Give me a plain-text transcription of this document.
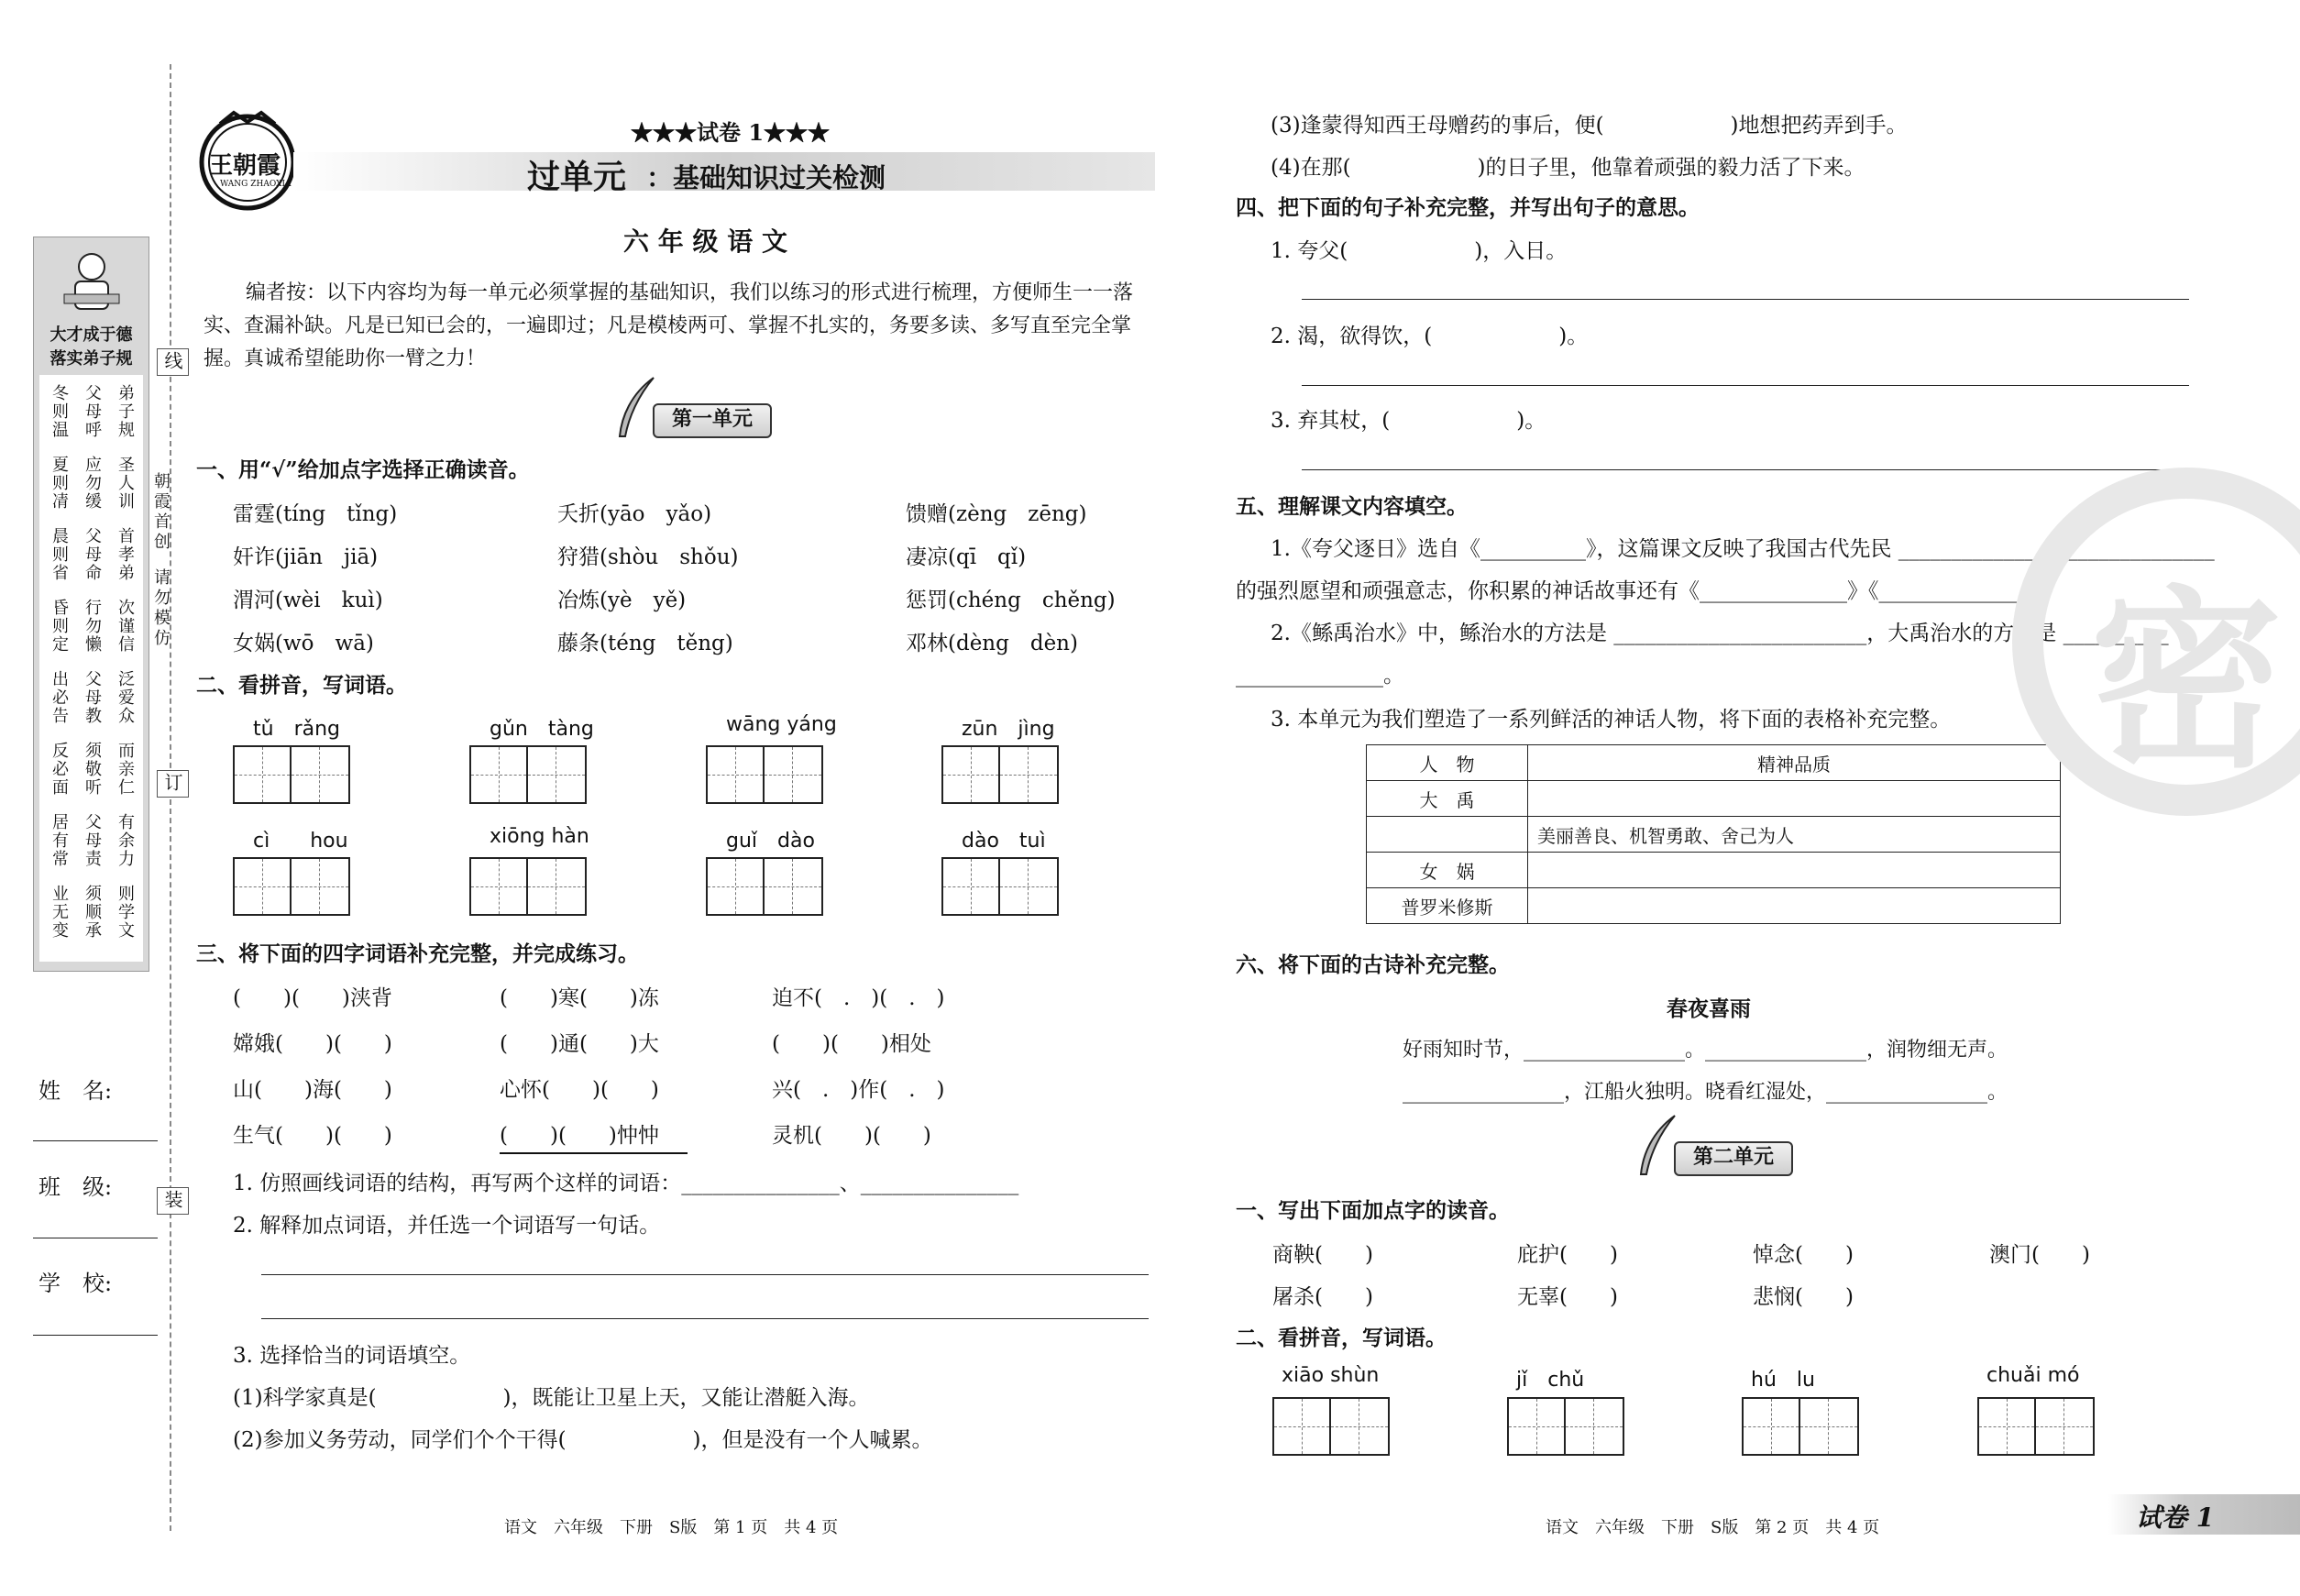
线
订
装
朝霞首创
请勿模仿
大才成于德
落实弟子规
冬则温 父母呼 弟子规
夏则凊 应勿缓 圣人训
晨则省 父母命 首孝弟
昏则定 行勿懒 次谨信
出必告 父母教 泛爱众
反必面 须敬听 而亲仁
居有常 父母责 有余力
业无变 须顺承 则学文
姓　名:
班　级:
学　校:
王朝霞
WANG ZHAOXIA
★★★试卷 1★★★
过单元 ：基础知识过关检测
六 年 级 语 文
编者按：以下内容均为每一单元必须掌握的基础知识，我们以练习的形式进行梳理，方便师生一一落实、查漏补缺。凡是已知已会的，一遍即过；凡是模棱两可、掌握不扎实的，务要多读、多写直至完全掌握。真诚希望能助你一臂之力！
第一单元
一、用“√”给加点字选择正确读音。
二、看拼音，写词语。
三、将下面的四字词语补充完整，并完成练习。
1. 仿照画线词语的结构，再写两个这样的词语：_______________、_______________
2. 解释加点词语，并任选一个词语写一句话。
3. 选择恰当的词语填空。
(1)科学家真是(　　　　　　)，既能让卫星上天，又能让潜艇入海。
(2)参加义务劳动，同学们个个干得(　　　　　　)，但是没有一个人喊累。
语文　六年级　下册　S版　第 1 页　共 4 页
(3)逢蒙得知西王母赠药的事后，便(　　　　　　)地想把药弄到手。
(4)在那(　　　　　　)的日子里，他靠着顽强的毅力活了下来。
四、把下面的句子补充完整，并写出句子的意思。
1. 夸父(　　　　　　)，入日。
2. 渴，欲得饮，(　　　　　　)。
3. 弃其杖，(　　　　　　)。
五、理解课文内容填空。
1.《夸父逐日》选自《__________》，这篇课文反映了我国古代先民 ______________、______________
的强烈愿望和顽强意志，你积累的神话故事还有《______________》《______________》。
2.《鲧禹治水》中，鲧治水的方法是 ________________________，大禹治水的方法是 __________
______________。
3. 本单元为我们塑造了一系列鲜活的神话人物，将下面的表格补充完整。
人　物	精神品质
大　禹	
	美丽善良、机智勇敢、舍己为人
女　娲	
普罗米修斯	
六、将下面的古诗补充完整。
春夜喜雨
好雨知时节，________________。________________，润物细无声。
________________，江船火独明。晓看红湿处，________________。
第二单元
一、写出下面加点字的读音。
二、看拼音，写词语。
语文　六年级　下册　S版　第 2 页　共 4 页	试卷 1
密
雷霆(tíng　tǐng)	夭折(yāo　yǎo)	馈赠(zèng　zēng)
奸诈(jiān　jiā)	狩猎(shòu　shǒu)	凄凉(qī　qǐ)
渭河(wèi　kuì)	冶炼(yè　yě)	惩罚(chéng　chěng)
女娲(wō　wā)	藤条(téng　těng)	邓林(dèng　dèn)
tǔ　rǎng	gǔn　tàng	wāng yáng	zūn　jìng
cì　　hou	xiōng hàn	guǐ　dào	dào　tuì
(　　)(　　)浃背	(　　)寒(　　)冻	迫不(　.　)(　.　)
嫦娥(　　)(　　)	(　　)通(　　)大	(　　)(　　)相处
山(　　)海(　　)	心怀(　　)(　　)	兴(　.　)作(　.　)
生气(　　)(　　)	(　　)(　　)忡忡	灵机(　　)(　　)
商鞅(　　)	庇护(　　)	悼念(　　)	澳门(　　)
屠杀(　　)	无辜(　　)	悲悯(　　)
xiāo shùn	jǐ　chǔ	hú　lu	chuǎi mó
